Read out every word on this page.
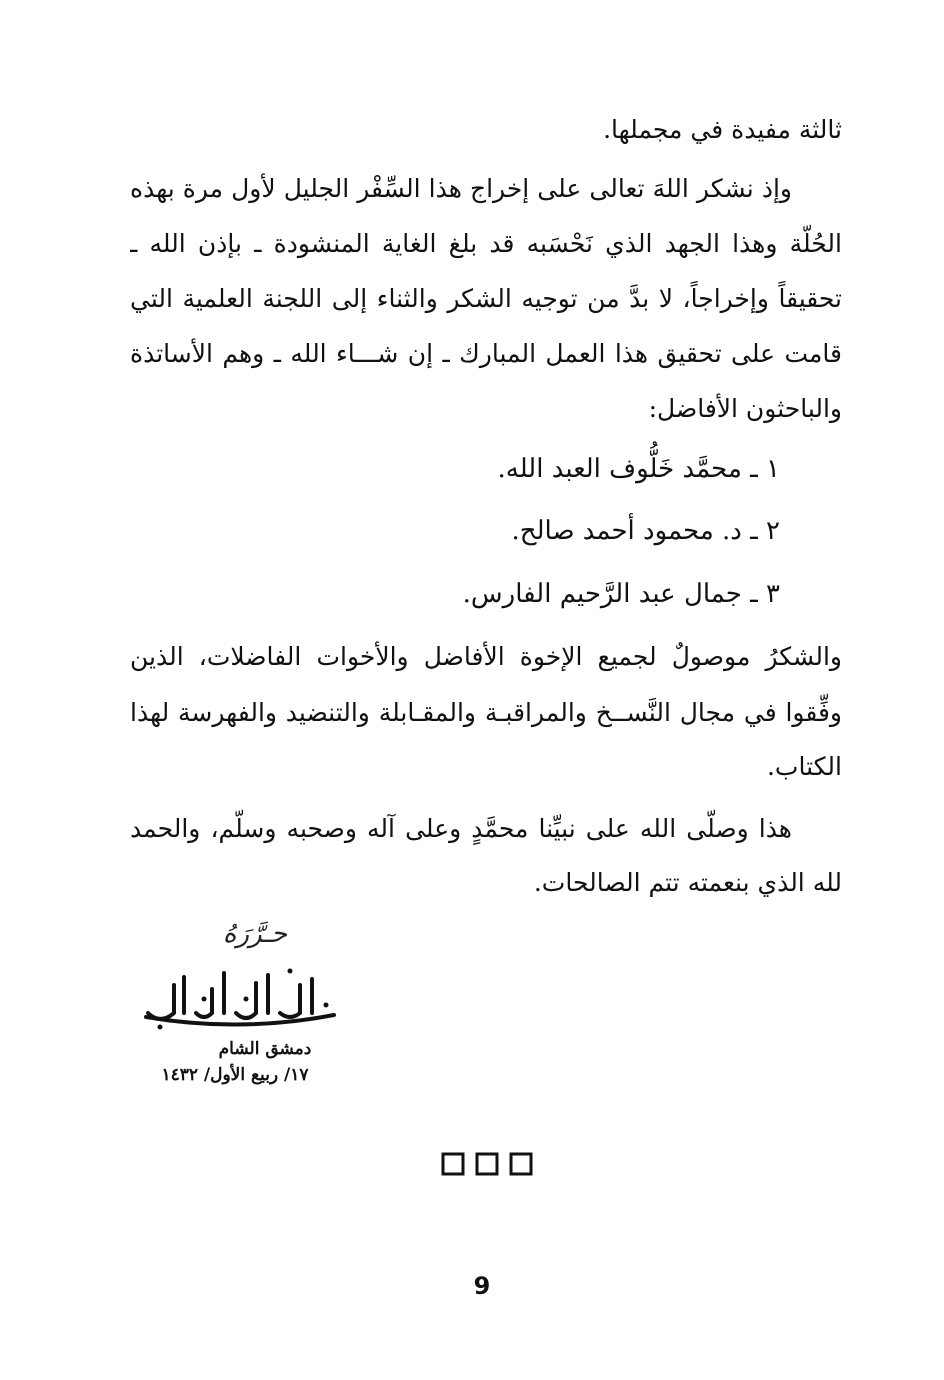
ثالثة مفيدة في مجملها.
وإذ نشكر اللهَ تعالى على إخراج هذا السِّفْر الجليل لأول مرة بهذه
الحُلَّة وهذا الجهد الذي نَحْسَبه قد بلغ الغاية المنشودة ـ بإذن الله ـ
تحقيقاً وإخراجاً، لا بدَّ من توجيه الشكر والثناء إلى اللجنة العلمية التي
قامت على تحقيق هذا العمل المبارك ـ إن شـــاء الله ـ وهم الأساتذة
والباحثون الأفاضل:
١ ـ محمَّد خَلُّوف العبد الله.
٢ ـ د. محمود أحمد صالح.
٣ ـ جمال عبد الرَّحيم الفارس.
والشكرُ موصولٌ لجميع الإخوة الأفاضل والأخوات الفاضلات، الذين
وفِّقوا في مجال النَّســخ والمراقبـة والمقـابلة والتنضيد والفهرسة لهذا
الكتاب.
هذا وصلَّى الله على نبيِّنا محمَّدٍ وعلى آله وصحبه وسلَّم، والحمد
لله الذي بنعمته تتم الصالحات.
حـرَّرَهُ
دمشق الشام
١٧/ ربيع الأول/ ١٤٣٢
9
